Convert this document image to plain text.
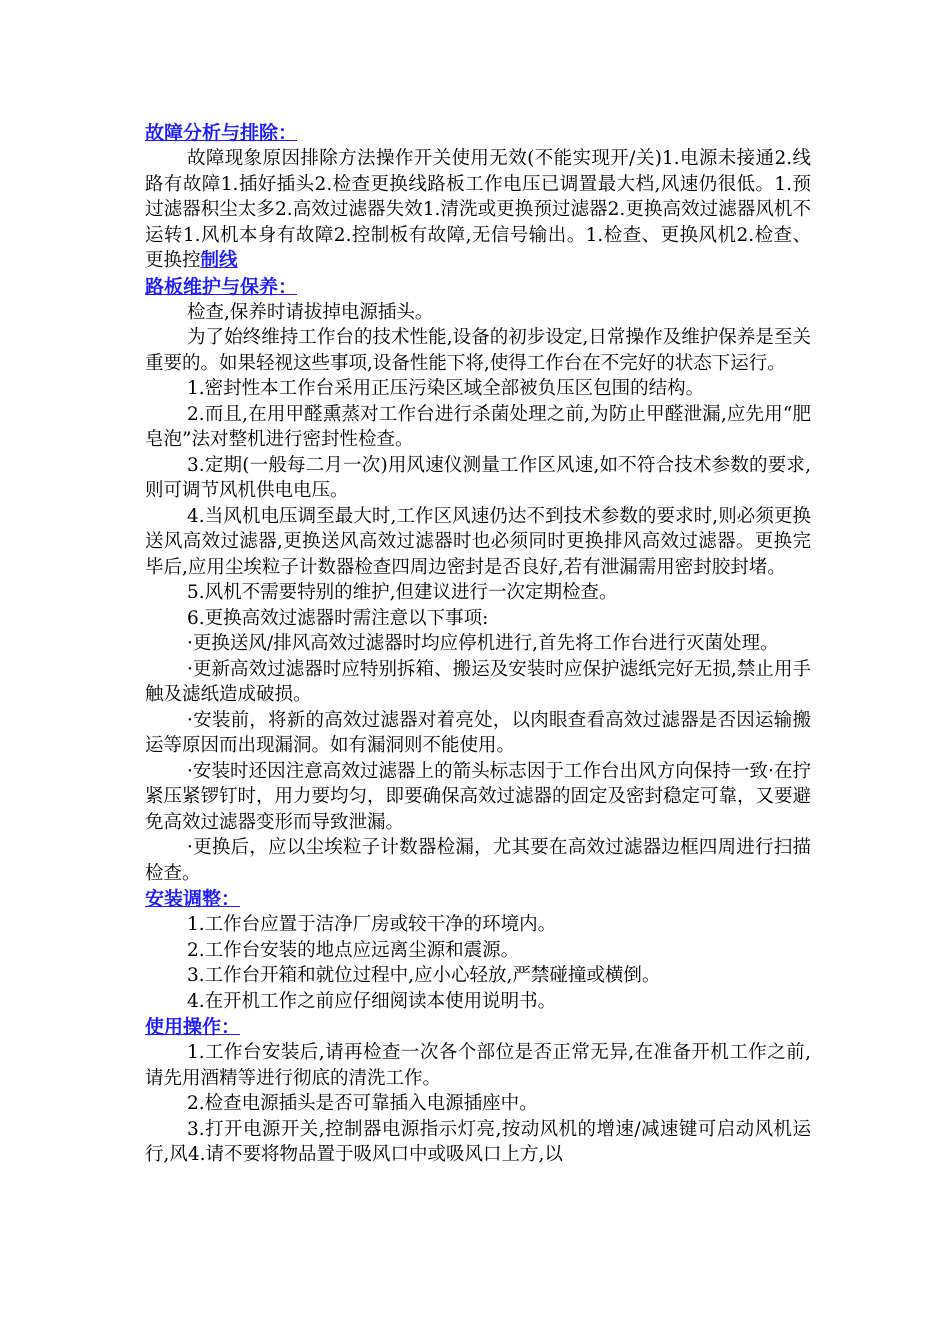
故障分析与排除：

故障现象原因排除方法操作开关使用无效(不能实现开/关)1.电源未接通2.线路有故障1.插好插头2.检查更换线路板工作电压已调置最大档,风速仍很低。1.预过滤器积尘太多2.高效过滤器失效1.清洗或更换预过滤器2.更换高效过滤器风机不运转1.风机本身有故障2.控制板有故障,无信号输出。1.检查、更换风机2.检查、更换控制线

路板维护与保养：

检查,保养时请拔掉电源插头。

为了始终维持工作台的技术性能,设备的初步设定,日常操作及维护保养是至关重要的。如果轻视这些事项,设备性能下将,使得工作台在不完好的状态下运行。

1.密封性本工作台采用正压污染区域全部被负压区包围的结构。

2.而且,在用甲醛熏蒸对工作台进行杀菌处理之前,为防止甲醛泄漏,应先用“肥皂泡”法对整机进行密封性检查。

3.定期(一般每二月一次)用风速仪测量工作区风速,如不符合技术参数的要求,则可调节风机供电电压。

4.当风机电压调至最大时,工作区风速仍达不到技术参数的要求时,则必须更换送风高效过滤器,更换送风高效过滤器时也必须同时更换排风高效过滤器。更换完毕后,应用尘埃粒子计数器检查四周边密封是否良好,若有泄漏需用密封胶封堵。

5.风机不需要特别的维护,但建议进行一次定期检查。

6.更换高效过滤器时需注意以下事项:

·更换送风/排风高效过滤器时均应停机进行,首先将工作台进行灭菌处理。

·更新高效过滤器时应特别拆箱、搬运及安装时应保护滤纸完好无损,禁止用手触及滤纸造成破损。

·安装前，将新的高效过滤器对着亮处，以肉眼查看高效过滤器是否因运输搬运等原因而出现漏洞。如有漏洞则不能使用。

·安装时还因注意高效过滤器上的箭头标志因于工作台出风方向保持一致·在拧紧压紧锣钉时，用力要均匀，即要确保高效过滤器的固定及密封稳定可靠，又要避免高效过滤器变形而导致泄漏。

·更换后，应以尘埃粒子计数器检漏，尤其要在高效过滤器边框四周进行扫描检查。

安装调整：

1.工作台应置于洁净厂房或较干净的环境内。

2.工作台安装的地点应远离尘源和震源。

3.工作台开箱和就位过程中,应小心轻放,严禁碰撞或横倒。

4.在开机工作之前应仔细阅读本使用说明书。

使用操作：

1.工作台安装后,请再检查一次各个部位是否正常无异,在准备开机工作之前,请先用酒精等进行彻底的清洗工作。

2.检查电源插头是否可靠插入电源插座中。

3.打开电源开关,控制器电源指示灯亮,按动风机的增速/减速键可启动风机运行,风4.请不要将物品置于吸风口中或吸风口上方,以
